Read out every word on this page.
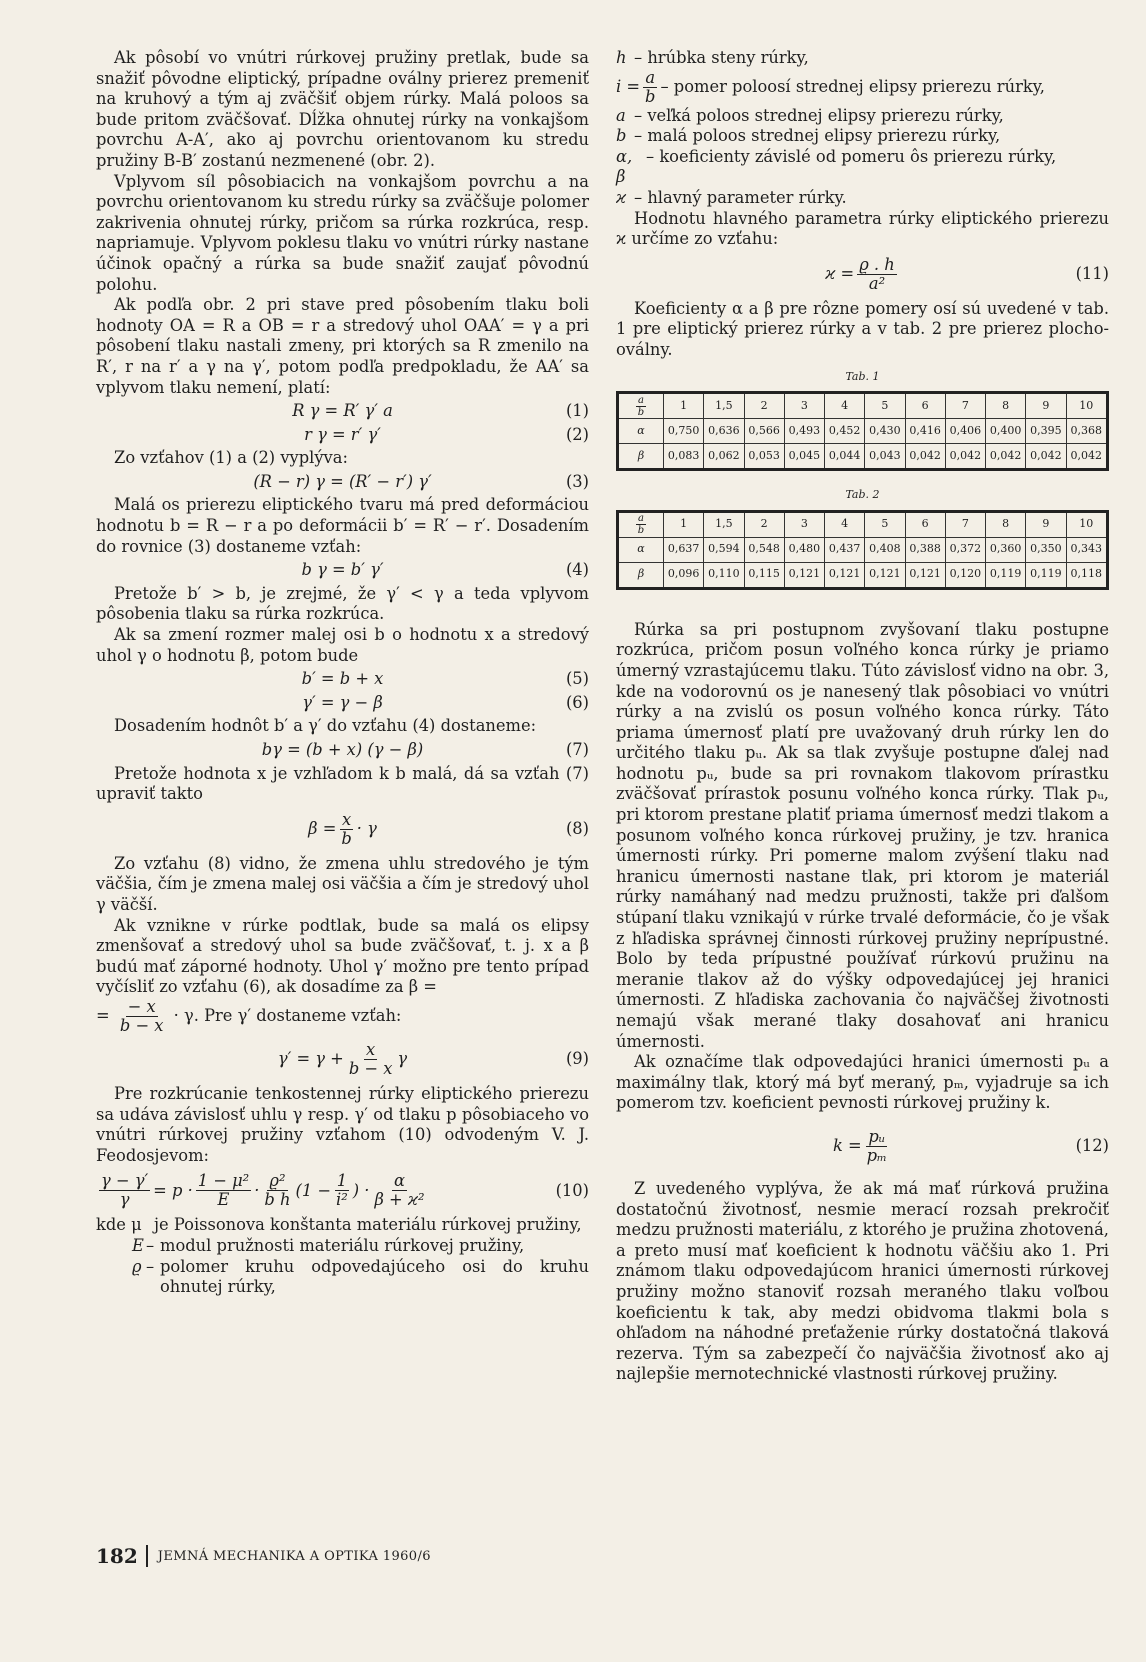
Ak pôsobí vo vnútri rúrkovej pružiny pretlak, bude sa snažiť pôvodne eliptický, prípadne oválny prierez premeniť na kruhový a tým aj zväčšiť objem rúrky. Malá poloos sa bude pritom zväčšovať. Dĺžka ohnutej rúrky na vonkajšom povrchu A-A′, ako aj povrchu orientovanom ku stredu pružiny B-B′ zostanú nezmenené (obr. 2).

Vplyvom síl pôsobiacich na vonkajšom povrchu a na povrchu orientovanom ku stredu rúrky sa zväčšuje polomer zakrivenia ohnutej rúrky, pričom sa rúrka rozkrúca, resp. napriamuje. Vplyvom poklesu tlaku vo vnútri rúrky nastane účinok opačný a rúrka sa bude snažiť zaujať pôvodnú polohu.

Ak podľa obr. 2 pri stave pred pôsobením tlaku boli hodnoty OA = R a OB = r a stredový uhol OAA′ = γ a pri pôsobení tlaku nastali zmeny, pri ktorých sa R zmenilo na R′, r na r′ a γ na γ′, potom podľa predpokladu, že AA′ sa vplyvom tlaku nemení, platí:

R γ = R′ γ′ a	(1)
r γ = r′ γ′	(2)

Zo vzťahov (1) a (2) vyplýva:

(R − r) γ = (R′ − r′) γ′	(3)

Malá os prierezu eliptického tvaru má pred deformáciou hodnotu b = R − r a po deformácii b′ = R′ − r′. Dosadením do rovnice (3) dostaneme vzťah:

b γ = b′ γ′	(4)

Pretože b′ > b, je zrejmé, že γ′ < γ a teda vplyvom pôsobenia tlaku sa rúrka rozkrúca.

Ak sa zmení rozmer malej osi b o hodnotu x a stredový uhol γ o hodnotu β, potom bude

b′ = b + x	(5)
γ′ = γ − β	(6)

Dosadením hodnôt b′ a γ′ do vzťahu (4) dostaneme:

bγ = (b + x) (γ − β)	(7)

Pretože hodnota x je vzhľadom k b malá, dá sa vzťah (7) upraviť takto

$\beta = \frac{x}{b} \cdot \gamma$	(8)

Zo vzťahu (8) vidno, že zmena uhlu stredového je tým väčšia, čím je zmena malej osi väčšia a čím je stredový uhol γ väčší.

Ak vznikne v rúrke podtlak, bude sa malá os elipsy zmenšovať a stredový uhol sa bude zväčšovať, t. j. x a β budú mať záporné hodnoty. Uhol γ′ možno pre tento prípad vyčísliť zo vzťahu (6), ak dosadíme za β =

= $\frac{- x}{b - x} \cdot \gamma$. Pre γ′ dostaneme vzťah:

$\gamma' = \gamma + \frac{x}{b - x}$ γ	(9)

Pre rozkrúcanie tenkostennej rúrky eliptického prierezu sa udáva závislosť uhlu γ resp. γ′ od tlaku p pôsobiaceho vo vnútri rúrkovej pružiny vzťahom (10) odvodeným V. J. Feodosjevom:

$\frac{\gamma - \gamma'}{\gamma} = p \cdot \frac{\text{1 − μ²}}{E} \cdot \frac{\text{ϱ²}}{\text{b h}} (1 - \frac{1}{\text{i²}}$ ) · $\frac{\alpha}{\text{β + ϰ²}}$	(10)
kde μ je Poissonova konštanta materiálu rúrkovej pružiny,
E – modul pružnosti materiálu rúrkovej pružiny,
ϱ – polomer kruhu odpovedajúceho osi do kruhu ohnutej rúrky,
h – hrúbka steny rúrky,
$i = \frac{a}{b}$ – pomer poloosí strednej elipsy prierezu rúrky,
a – veľká poloos strednej elipsy prierezu rúrky,
b – malá poloos strednej elipsy prierezu rúrky,
α, β
– koeficienty závislé od pomeru ôs prierezu rúrky,
ϰ – hlavný parameter rúrky.

Hodnotu hlavného parametra rúrky eliptického prierezu ϰ určíme zo vzťahu:

$ϰ = \frac{ϱ . h}{\text{a²}}$	(11)

Koeficienty α a β pre rôzne pomery osí sú uvedené v tab. 1 pre eliptický prierez rúrky a v tab. 2 pre prierez plocho-oválny.

Tab. 1
$\frac{a}{b}$	1	1,5	2	3	4	5	6	7	8	9	10
α	0,750	0,636	0,566	0,493	0,452	0,430	0,416	0,406	0,400	0,395	0,368
β	0,083	0,062	0,053	0,045	0,044	0,043	0,042	0,042	0,042	0,042	0,042
Tab. 2
$\frac{a}{b}$	1	1,5	2	3	4	5	6	7	8	9	10
α	0,637	0,594	0,548	0,480	0,437	0,408	0,388	0,372	0,360	0,350	0,343
β	0,096	0,110	0,115	0,121	0,121	0,121	0,121	0,120	0,119	0,119	0,118

Rúrka sa pri postupnom zvyšovaní tlaku postupne rozkrúca, pričom posun voľného konca rúrky je priamo úmerný vzrastajúcemu tlaku. Túto závislosť vidno na obr. 3, kde na vodorovnú os je nanesený tlak pôsobiaci vo vnútri rúrky a na zvislú os posun voľného konca rúrky. Táto priama úmernosť platí pre uvažovaný druh rúrky len do určitého tlaku pᵤ. Ak sa tlak zvyšuje postupne ďalej nad hodnotu pᵤ, bude sa pri rovnakom tlakovom prírastku zväčšovať prírastok posunu voľného konca rúrky. Tlak pᵤ, pri ktorom prestane platiť priama úmernosť medzi tlakom a posunom voľného konca rúrkovej pružiny, je tzv. hranica úmernosti rúrky. Pri pomerne malom zvýšení tlaku nad hranicu úmernosti nastane tlak, pri ktorom je materiál rúrky namáhaný nad medzu pružnosti, takže pri ďalšom stúpaní tlaku vznikajú v rúrke trvalé deformácie, čo je však z hľadiska správnej činnosti rúrkovej pružiny neprípustné. Bolo by teda prípustné používať rúrkovú pružinu na meranie tlakov až do výšky odpovedajúcej jej hranici úmernosti. Z hľadiska zachovania čo najväčšej životnosti nemajú však merané tlaky dosahovať ani hranicu úmernosti.

Ak označíme tlak odpovedajúci hranici úmernosti pᵤ a maximálny tlak, ktorý má byť meraný, pₘ, vyjadruje sa ich pomerom tzv. koeficient pevnosti rúrkovej pružiny k.

$k = \frac{\text{pᵤ}}{\text{pₘ}}$	(12)

Z uvedeného vyplýva, že ak má mať rúrková pružina dostatočnú životnosť, nesmie merací rozsah prekročiť medzu pružnosti materiálu, z ktorého je pružina zhotovená, a preto musí mať koeficient k hodnotu väčšiu ako 1. Pri známom tlaku odpovedajúcom hranici úmernosti rúrkovej pružiny možno stanoviť rozsah meraného tlaku voľbou koeficientu k tak, aby medzi obidvoma tlakmi bola s ohľadom na náhodné preťaženie rúrky dostatočná tlaková rezerva. Tým sa zabezpečí čo najväčšia životnosť ako aj najlepšie mernotechnické vlastnosti rúrkovej pružiny.

182 JEMNÁ MECHANIKA A OPTIKA 1960/6
